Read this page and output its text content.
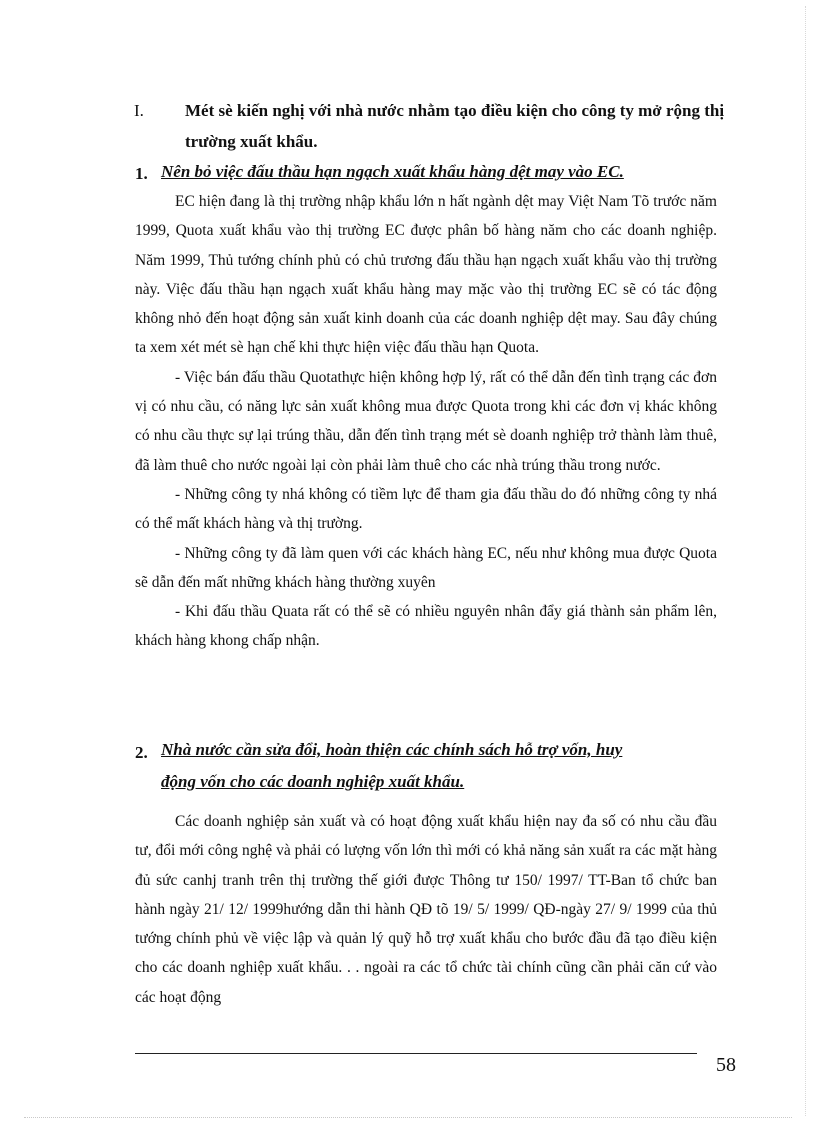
I. Mét sè kiến nghị với nhà nước nhằm tạo điều kiện cho công ty mở rộng thị trường xuất khẩu.
1. Nên bỏ việc đấu thầu hạn ngạch xuất khẩu hàng dệt may vào EC.

EC hiện đang là thị trường nhập khẩu lớn n hất ngành dệt may Việt Nam Tõ trước năm 1999, Quota xuất khẩu vào thị trường EC được phân bố hàng năm cho các doanh nghiệp. Năm 1999, Thủ tướng chính phủ có chủ trương đấu thầu hạn ngạch xuất khẩu vào thị trường này. Việc đấu thầu hạn ngạch xuất khẩu hàng may mặc vào thị trường EC sẽ có tác động không nhỏ đến hoạt động sản xuất kinh doanh của các doanh nghiệp dệt may. Sau đây chúng ta xem xét mét sè hạn chế khi thực hiện việc đấu thầu hạn Quota.

- Việc bán đấu thầu Quotathực hiện không hợp lý, rất có thể dẫn đến tình trạng các đơn vị có nhu cầu, có năng lực sản xuất không mua được Quota trong khi các đơn vị khác không có nhu cầu thực sự lại trúng thầu, dẫn đến tình trạng mét sè doanh nghiệp trở thành làm thuê, đã làm thuê cho nước ngoài lại còn phải làm thuê cho các nhà trúng thầu trong nước.

- Những công ty nhá không có tiềm lực để tham gia đấu thầu do đó những công ty nhá có thể mất khách hàng và thị trường.

- Những công ty đã làm quen với các khách hàng EC, nếu như không mua được Quota sẽ dẫn đến mất những khách hàng thường xuyên

- Khi đấu thầu Quata rất có thể sẽ có nhiều nguyên nhân đẩy giá thành sản phẩm lên, khách hàng khong chấp nhận.

2. Nhà nước cần sửa đổi, hoàn thiện các chính sách hỗ trợ vốn, huy
động vốn cho các doanh nghiệp xuất khẩu.

Các doanh nghiệp sản xuất và có hoạt động xuất khẩu hiện nay đa số có nhu cầu đầu tư, đổi mới công nghệ và phải có lượng vốn lớn thì mới có khả năng sản xuất ra các mặt hàng đủ sức canhj tranh trên thị trường thế giới được Thông tư 150/ 1997/ TT-Ban tổ chức ban hành ngày 21/ 12/ 1999hướng dẫn thi hành QĐ tõ 19/ 5/ 1999/ QĐ-ngày 27/ 9/ 1999 của thủ tướng chính phủ về việc lập và quản lý quỹ hỗ trợ xuất khẩu cho bước đầu đã tạo điều kiện cho các doanh nghiệp xuất khẩu. . . ngoài ra các tổ chức tài chính cũng cần phải căn cứ vào các hoạt động

58
